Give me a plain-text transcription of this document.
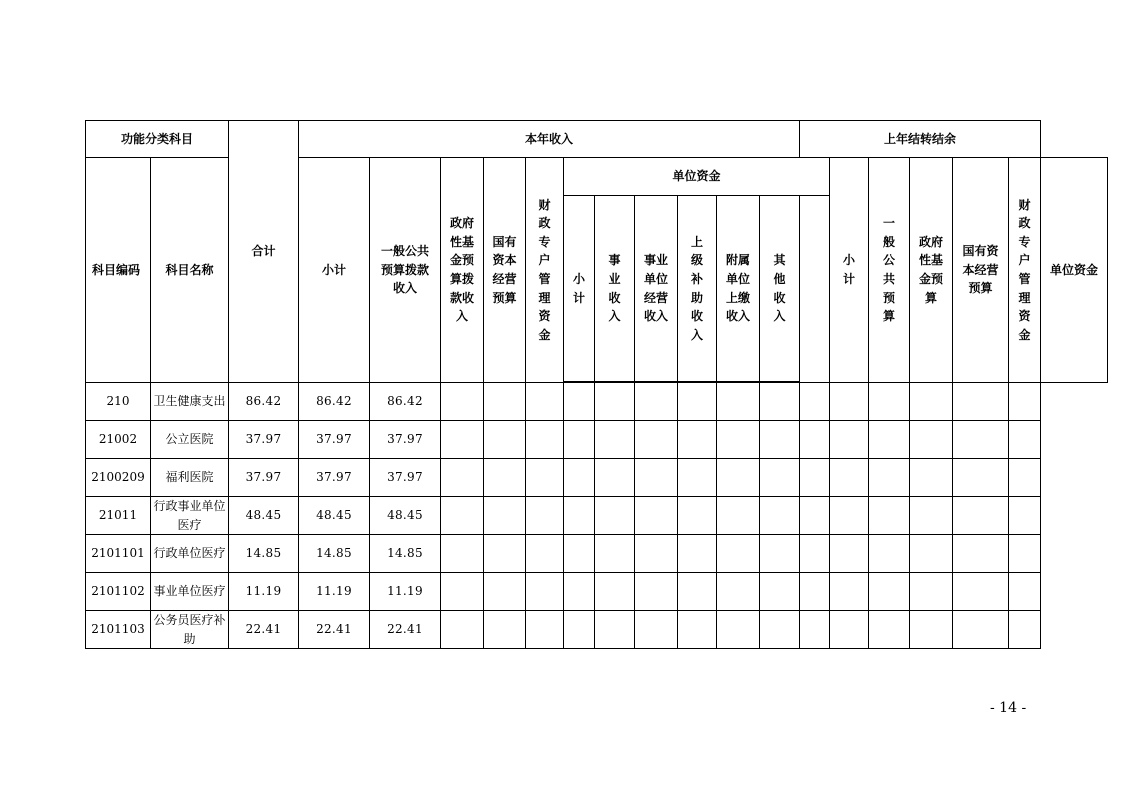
功能分类科目		合计	本年收入											上年结转结余						
科目编码	科目名称		小计	一般公共预算拨款收入	政府性基金预算拨款收入	国有资本经营预算	财政专户管理资金	单位资金							小计	一般公共预算	政府性基金预算	国有资本经营预算	财政专户管理资金	单位资金
								小计	事业收入	事业单位经营收入	上级补助收入	附属单位上缴收入	其他收入							

210	卫生健康支出	86.42	86.42	86.42																
21002	公立医院	37.97	37.97	37.97																
2100209	福利医院	37.97	37.97	37.97																
21011	行政事业单位医疗	48.45	48.45	48.45																
2101101	行政单位医疗	14.85	14.85	14.85																
2101102	事业单位医疗	11.19	11.19	11.19																
2101103	公务员医疗补助	22.41	22.41	22.41																
- 14 -
